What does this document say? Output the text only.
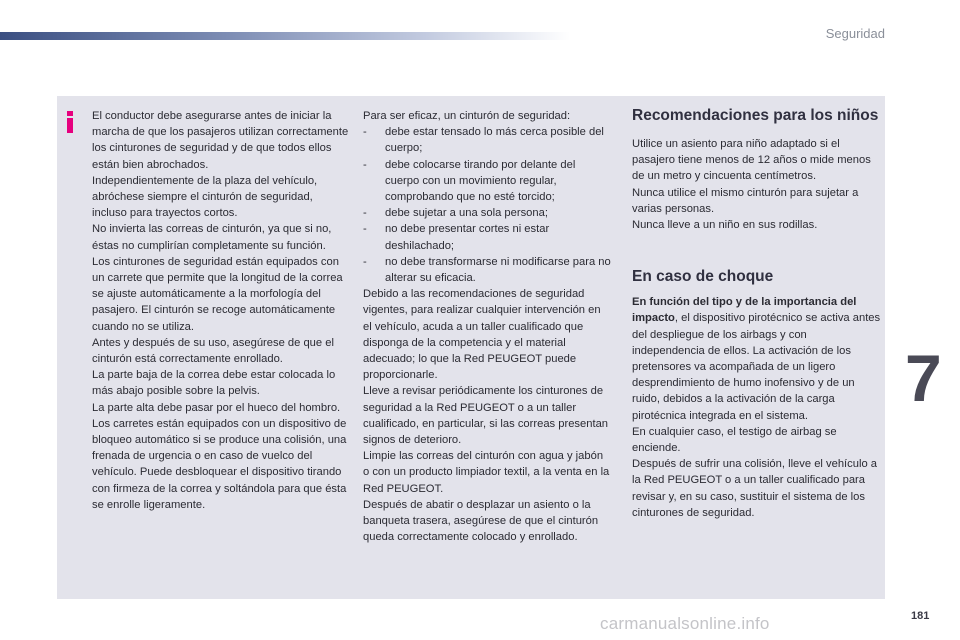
Seguridad

El conductor debe asegurarse antes de iniciar la marcha de que los pasajeros utilizan correctamente los cinturones de seguridad y de que todos ellos están bien abrochados.

Independientemente de la plaza del vehículo, abróchese siempre el cinturón de seguridad, incluso para trayectos cortos.

No invierta las correas de cinturón, ya que si no, éstas no cumplirían completamente su función.

Los cinturones de seguridad están equipados con un carrete que permite que la longitud de la correa se ajuste automáticamente a la morfología del pasajero. El cinturón se recoge automáticamente cuando no se utiliza.

Antes y después de su uso, asegúrese de que el cinturón está correctamente enrollado.

La parte baja de la correa debe estar colocada lo más abajo posible sobre la pelvis.

La parte alta debe pasar por el hueco del hombro.

Los carretes están equipados con un dispositivo de bloqueo automático si se produce una colisión, una frenada de urgencia o en caso de vuelco del vehículo. Puede desbloquear el dispositivo tirando con firmeza de la correa y soltándola para que ésta se enrolle ligeramente.

Para ser eficaz, un cinturón de seguridad:

-	debe estar tensado lo más cerca posible del cuerpo;
-	debe colocarse tirando por delante del cuerpo con un movimiento regular, comprobando que no esté torcido;
-	debe sujetar a una sola persona;
-	no debe presentar cortes ni estar deshilachado;
-	no debe transformarse ni modificarse para no alterar su eficacia.

Debido a las recomendaciones de seguridad vigentes, para realizar cualquier intervención en el vehículo, acuda a un taller cualificado que disponga de la competencia y el material adecuado; lo que la Red PEUGEOT puede proporcionarle.

Lleve a revisar periódicamente los cinturones de seguridad a la Red PEUGEOT o a un taller cualificado, en particular, si las correas presentan signos de deterioro.

Limpie las correas del cinturón con agua y jabón o con un producto limpiador textil, a la venta en la Red PEUGEOT.

Después de abatir o desplazar un asiento o la banqueta trasera, asegúrese de que el cinturón queda correctamente colocado y enrollado.

Recomendaciones para los niños

Utilice un asiento para niño adaptado si el pasajero tiene menos de 12 años o mide menos de un metro y cincuenta centímetros.

Nunca utilice el mismo cinturón para sujetar a varias personas.

Nunca lleve a un niño en sus rodillas.

En caso de choque

En función del tipo y de la importancia del impacto, el dispositivo pirotécnico se activa antes del despliegue de los airbags y con independencia de ellos. La activación de los pretensores va acompañada de un ligero desprendimiento de humo inofensivo y de un ruido, debidos a la activación de la carga pirotécnica integrada en el sistema.

En cualquier caso, el testigo de airbag se enciende.

Después de sufrir una colisión, lleve el vehículo a la Red PEUGEOT o a un taller cualificado para revisar y, en su caso, sustituir el sistema de los cinturones de seguridad.

7
carmanualsonline.info	181
